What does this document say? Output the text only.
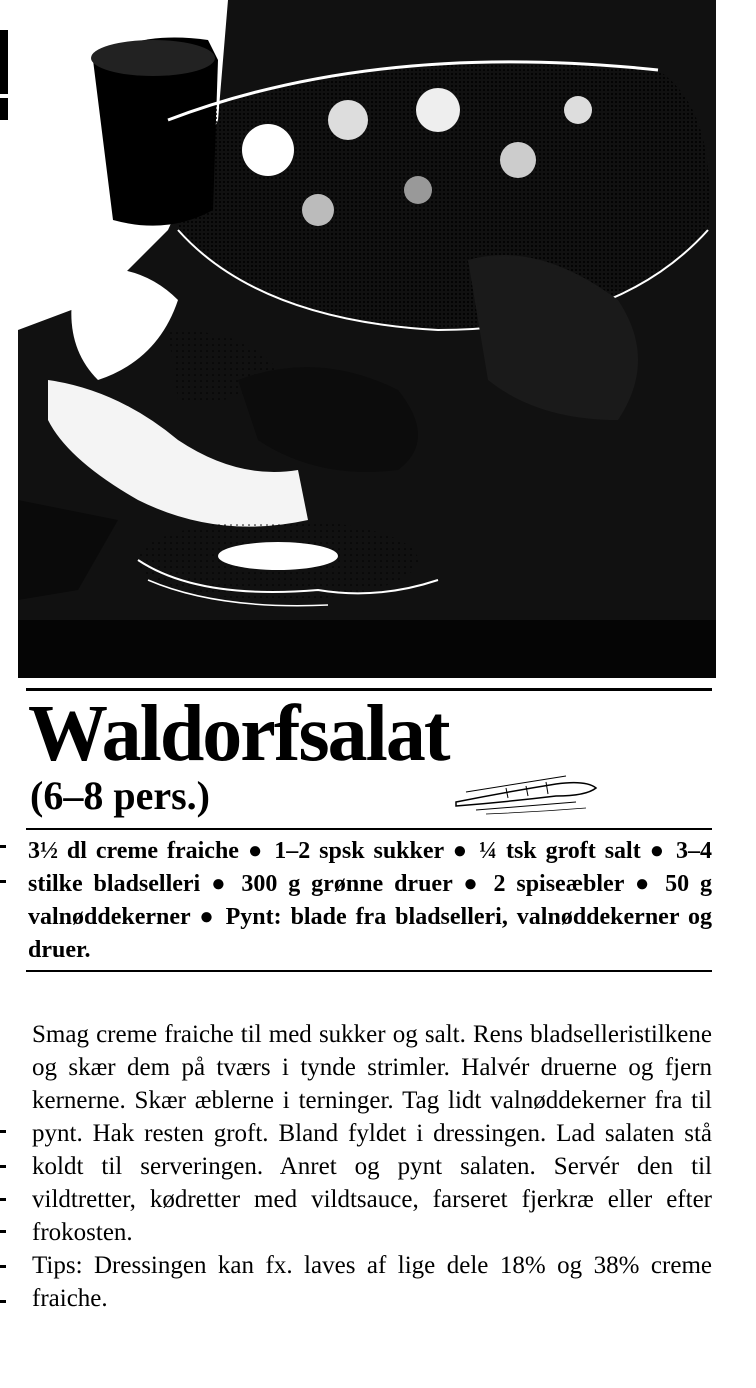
Waldorfsalat
(6–8 pers.)
3½ dl creme fraiche ● 1–2 spsk sukker ● ¼ tsk groft salt ● 3–4 stilke bladselleri ● 300 g grønne druer ● 2 spiseæbler ● 50 g valnøddekerner ● Pynt: blade fra bladselleri, valnøddekerner og druer.

Smag creme fraiche til med sukker og salt. Rens bladselleristilkene og skær dem på tværs i tynde strimler. Halvér druerne og fjern kernerne. Skær æblerne i terninger. Tag lidt valnøddekerner fra til pynt. Hak resten groft. Bland fyldet i dressingen. Lad salaten stå koldt til serveringen. Anret og pynt salaten. Servér den til vildtretter, kødretter med vildtsauce, farseret fjerkræ eller efter frokosten.

Tips: Dressingen kan fx. laves af lige dele 18% og 38% creme fraiche.
